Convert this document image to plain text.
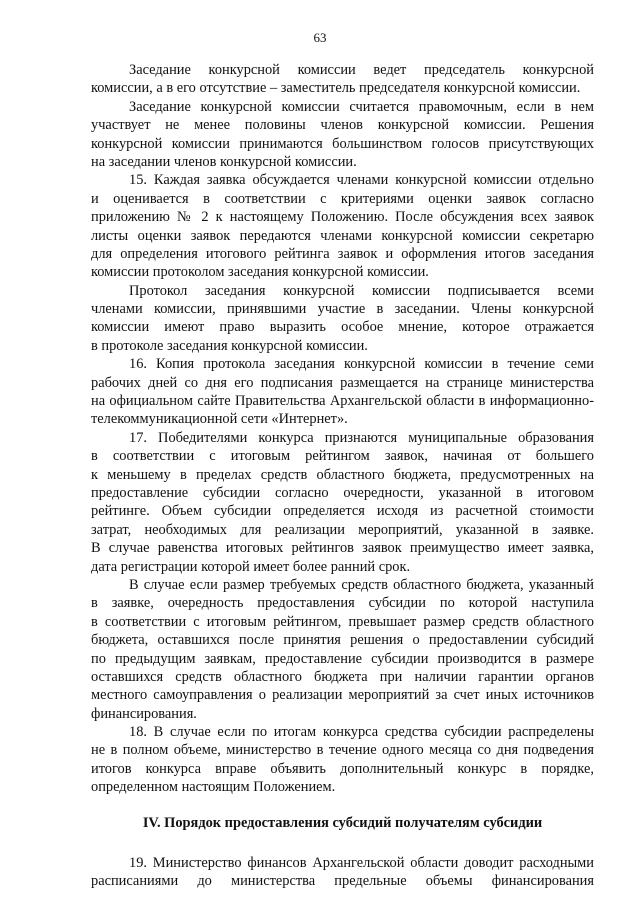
63
Заседание конкурсной комиссии ведет председатель конкурсной
комиссии, а в его отсутствие – заместитель председателя конкурсной комиссии.
Заседание конкурсной комиссии считается правомочным, если в нем
участвует не менее половины членов конкурсной комиссии. Решения
конкурсной комиссии принимаются большинством голосов присутствующих
на заседании членов конкурсной комиссии.
15. Каждая заявка обсуждается членами конкурсной комиссии отдельно
и оценивается в соответствии с критериями оценки заявок согласно
приложению № 2 к настоящему Положению. После обсуждения всех заявок
листы оценки заявок передаются членами конкурсной комиссии секретарю
для определения итогового рейтинга заявок и оформления итогов заседания
комиссии протоколом заседания конкурсной комиссии.
Протокол заседания конкурсной комиссии подписывается всеми
членами комиссии, принявшими участие в заседании. Члены конкурсной
комиссии имеют право выразить особое мнение, которое отражается
в протоколе заседания конкурсной комиссии.
16. Копия протокола заседания конкурсной комиссии в течение семи
рабочих дней со дня его подписания размещается на странице министерства
на официальном сайте Правительства Архангельской области в информационно-
телекоммуникационной сети «Интернет».
17. Победителями конкурса признаются муниципальные образования
в соответствии с итоговым рейтингом заявок, начиная от большего
к меньшему в пределах средств областного бюджета, предусмотренных на
предоставление субсидии согласно очередности, указанной в итоговом
рейтинге. Объем субсидии определяется исходя из расчетной стоимости
затрат, необходимых для реализации мероприятий, указанной в заявке.
В случае равенства итоговых рейтингов заявок преимущество имеет заявка,
дата регистрации которой имеет более ранний срок.
В случае если размер требуемых средств областного бюджета, указанный
в заявке, очередность предоставления субсидии по которой наступила
в соответствии с итоговым рейтингом, превышает размер средств областного
бюджета, оставшихся после принятия решения о предоставлении субсидий
по предыдущим заявкам, предоставление субсидии производится в размере
оставшихся средств областного бюджета при наличии гарантии органов
местного самоуправления о реализации мероприятий за счет иных источников
финансирования.
18. В случае если по итогам конкурса средства субсидии распределены
не в полном объеме, министерство в течение одного месяца со дня подведения
итогов конкурса вправе объявить дополнительный конкурс в порядке,
определенном настоящим Положением.
IV. Порядок предоставления субсидий получателям субсидии
19. Министерство финансов Архангельской области доводит расходными
расписаниями до министерства предельные объемы финансирования
